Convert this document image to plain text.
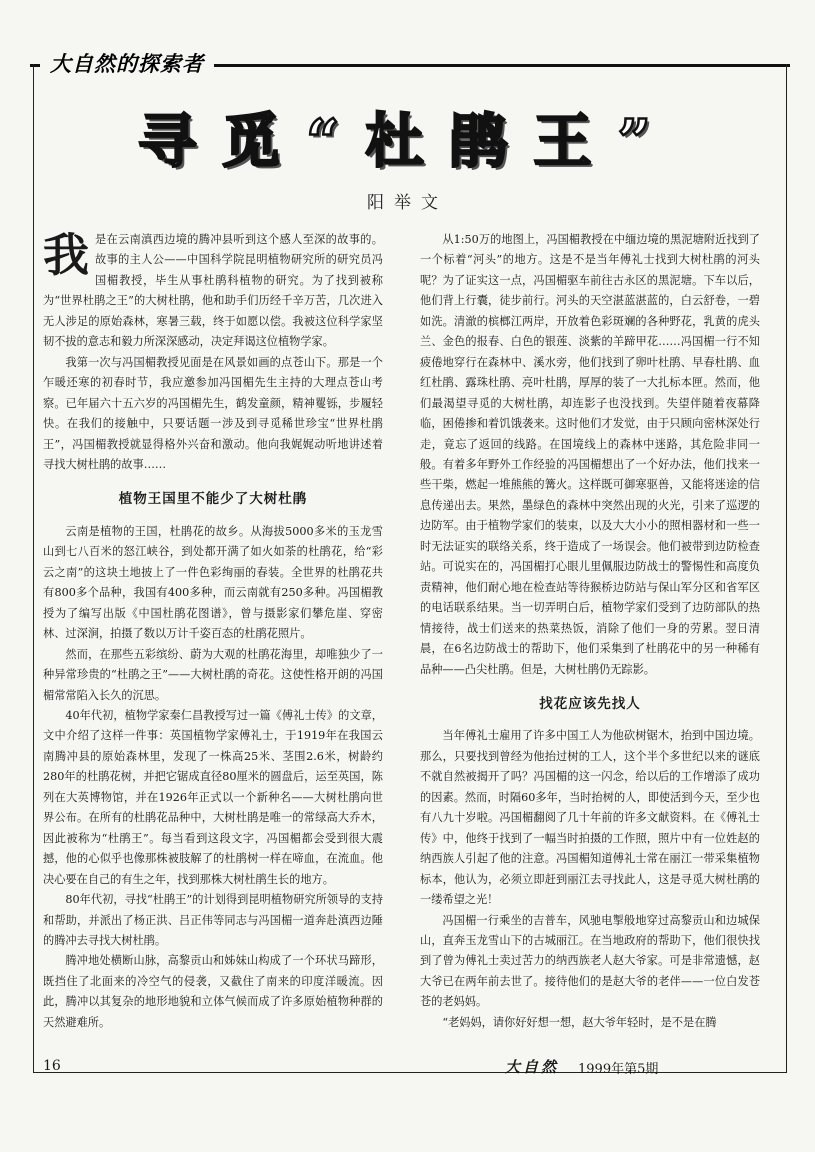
大自然的探索者
寻觅“杜鹃王”
阳举文

我是在云南滇西边境的腾冲县听到这个感人至深的故事的。故事的主人公——中国科学院昆明植物研究所的研究员冯国楣教授，毕生从事杜鹃科植物的研究。为了找到被称为“世界杜鹃之王”的大树杜鹃，他和助手们历经千辛万苦，几次进入无人涉足的原始森林，寒暑三载，终于如愿以偿。我被这位科学家坚韧不拔的意志和毅力所深深感动，决定拜谒这位植物学家。

我第一次与冯国楣教授见面是在风景如画的点苍山下。那是一个乍暖还寒的初春时节，我应邀参加冯国楣先生主持的大理点苍山考察。已年届六十五六岁的冯国楣先生，鹤发童颜，精神矍铄，步履轻快。在我们的接触中，只要话题一涉及到寻觅稀世珍宝“世界杜鹃王”，冯国楣教授就显得格外兴奋和激动。他向我娓娓动听地讲述着寻找大树杜鹃的故事……

植物王国里不能少了大树杜鹃

云南是植物的王国，杜鹃花的故乡。从海拔5000多米的玉龙雪山到七八百米的怒江峡谷，到处都开满了如火如荼的杜鹃花，给“彩云之南”的这块土地披上了一件色彩绚丽的春装。全世界的杜鹃花共有800多个品种，我国有400多种，而云南就有250多种。冯国楣教授为了编写出版《中国杜鹃花图谱》，曾与摄影家们攀危崖、穿密林、过深涧，拍摄了数以万计千姿百态的杜鹃花照片。

然而，在那些五彩缤纷、蔚为大观的杜鹃花海里，却唯独少了一种异常珍贵的“杜鹃之王”——大树杜鹃的奇花。这使性格开朗的冯国楣常常陷入长久的沉思。

40年代初，植物学家秦仁昌教授写过一篇《傅礼士传》的文章，文中介绍了这样一件事：英国植物学家傅礼士，于1919年在我国云南腾冲县的原始森林里，发现了一株高25米、茎围2.6米，树龄约280年的杜鹃花树，并把它锯成直径80厘米的圆盘后，运至英国，陈列在大英博物馆，并在1926年正式以一个新种名——大树杜鹃向世界公布。在所有的杜鹃花品种中，大树杜鹃是唯一的常绿高大乔木，因此被称为“杜鹃王”。每当看到这段文字，冯国楣都会受到很大震撼，他的心似乎也像那株被肢解了的杜鹃树一样在啼血，在流血。他决心要在自己的有生之年，找到那株大树杜鹃生长的地方。

80年代初，寻找“杜鹃王”的计划得到昆明植物研究所领导的支持和帮助，并派出了杨正洪、吕正伟等同志与冯国楣一道奔赴滇西边陲的腾冲去寻找大树杜鹃。

腾冲地处横断山脉，高黎贡山和姊妹山构成了一个环状马蹄形，既挡住了北面来的冷空气的侵袭，又截住了南来的印度洋暖流。因此，腾冲以其复杂的地形地貌和立体气候而成了许多原始植物种群的天然避难所。

从1:50万的地图上，冯国楣教授在中缅边境的黑泥塘附近找到了一个标着“河头”的地方。这是不是当年傅礼士找到大树杜鹃的河头呢？为了证实这一点，冯国楣驱车前往古永区的黑泥塘。下车以后，他们背上行囊，徒步前行。河头的天空湛蓝湛蓝的，白云舒卷，一碧如洗。清澈的槟榔江两岸，开放着色彩斑斓的各种野花，乳黄的虎头兰、金色的报春、白色的银莲、淡紫的羊蹄甲花……冯国楣一行不知疲倦地穿行在森林中、溪水旁，他们找到了卵叶杜鹃、早春杜鹃、血红杜鹃、露珠杜鹃、亮叶杜鹃，厚厚的装了一大扎标本匣。然而，他们最渴望寻觅的大树杜鹃，却连影子也没找到。失望伴随着夜幕降临，困倦掺和着饥饿袭来。这时他们才发觉，由于只顾向密林深处行走，竟忘了返回的线路。在国境线上的森林中迷路，其危险非同一般。有着多年野外工作经验的冯国楣想出了一个好办法，他们找来一些干柴，燃起一堆熊熊的篝火。这样既可御寒驱兽，又能将迷途的信息传递出去。果然，墨绿色的森林中突然出现的火光，引来了巡逻的边防军。由于植物学家们的装束，以及大大小小的照相器材和一些一时无法证实的联络关系，终于造成了一场误会。他们被带到边防检查站。可说实在的，冯国楣打心眼儿里佩服边防战士的警惕性和高度负责精神，他们耐心地在检查站等待猴桥边防站与保山军分区和省军区的电话联系结果。当一切弄明白后，植物学家们受到了边防部队的热情接待，战士们送来的热菜热饭，消除了他们一身的劳累。翌日清晨，在6名边防战士的帮助下，他们采集到了杜鹃花中的另一种稀有品种——凸尖杜鹃。但是，大树杜鹃仍无踪影。

找花应该先找人

当年傅礼士雇用了许多中国工人为他砍树锯木，抬到中国边境。那么，只要找到曾经为他抬过树的工人，这个半个多世纪以来的谜底不就自然被揭开了吗？冯国楣的这一闪念，给以后的工作增添了成功的因素。然而，时隔60多年，当时抬树的人，即使活到今天，至少也有八九十岁啦。冯国楣翻阅了几十年前的许多文献资料。在《傅礼士传》中，他终于找到了一幅当时拍摄的工作照，照片中有一位姓赵的纳西族人引起了他的注意。冯国楣知道傅礼士常在丽江一带采集植物标本，他认为，必须立即赶到丽江去寻找此人，这是寻觅大树杜鹃的一缕希望之光！

冯国楣一行乘坐的吉普车，风驰电掣般地穿过高黎贡山和边城保山，直奔玉龙雪山下的古城丽江。在当地政府的帮助下，他们很快找到了曾为傅礼士卖过苦力的纳西族老人赵大爷家。可是非常遗憾，赵大爷已在两年前去世了。接待他们的是赵大爷的老伴——一位白发苍苍的老妈妈。

“老妈妈，请你好好想一想，赵大爷年轻时，是不是在腾

16	大自然 1999年第5期
